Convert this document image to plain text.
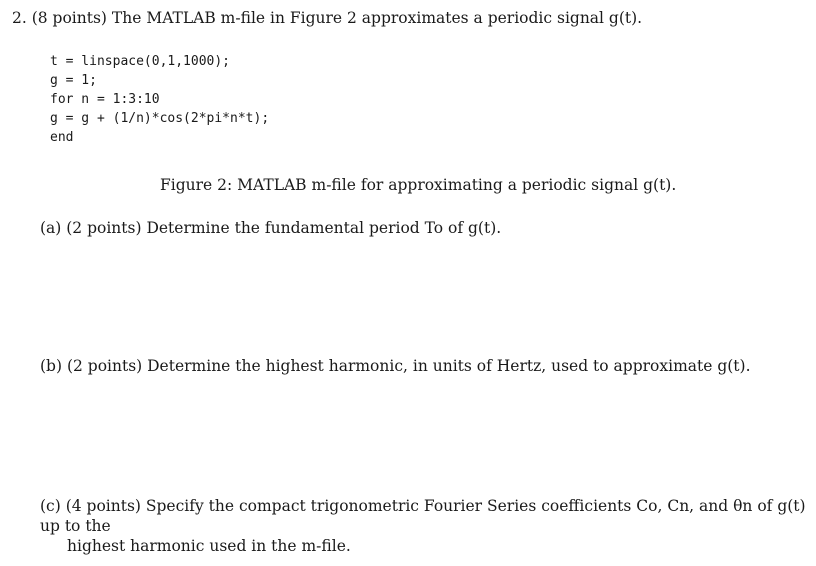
2. (8 points) The MATLAB m-file in Figure 2 approximates a periodic signal g(t).
t = linspace(0,1,1000);
g = 1;
for n = 1:3:10
g = g + (1/n)*cos(2*pi*n*t);
end
Figure 2: MATLAB m-file for approximating a periodic signal g(t).
(a) (2 points) Determine the fundamental period To of g(t).
(b) (2 points) Determine the highest harmonic, in units of Hertz, used to approximate g(t).
(c) (4 points) Specify the compact trigonometric Fourier Series coefficients Co, Cn, and θn of g(t) up to the
highest harmonic used in the m-file.
